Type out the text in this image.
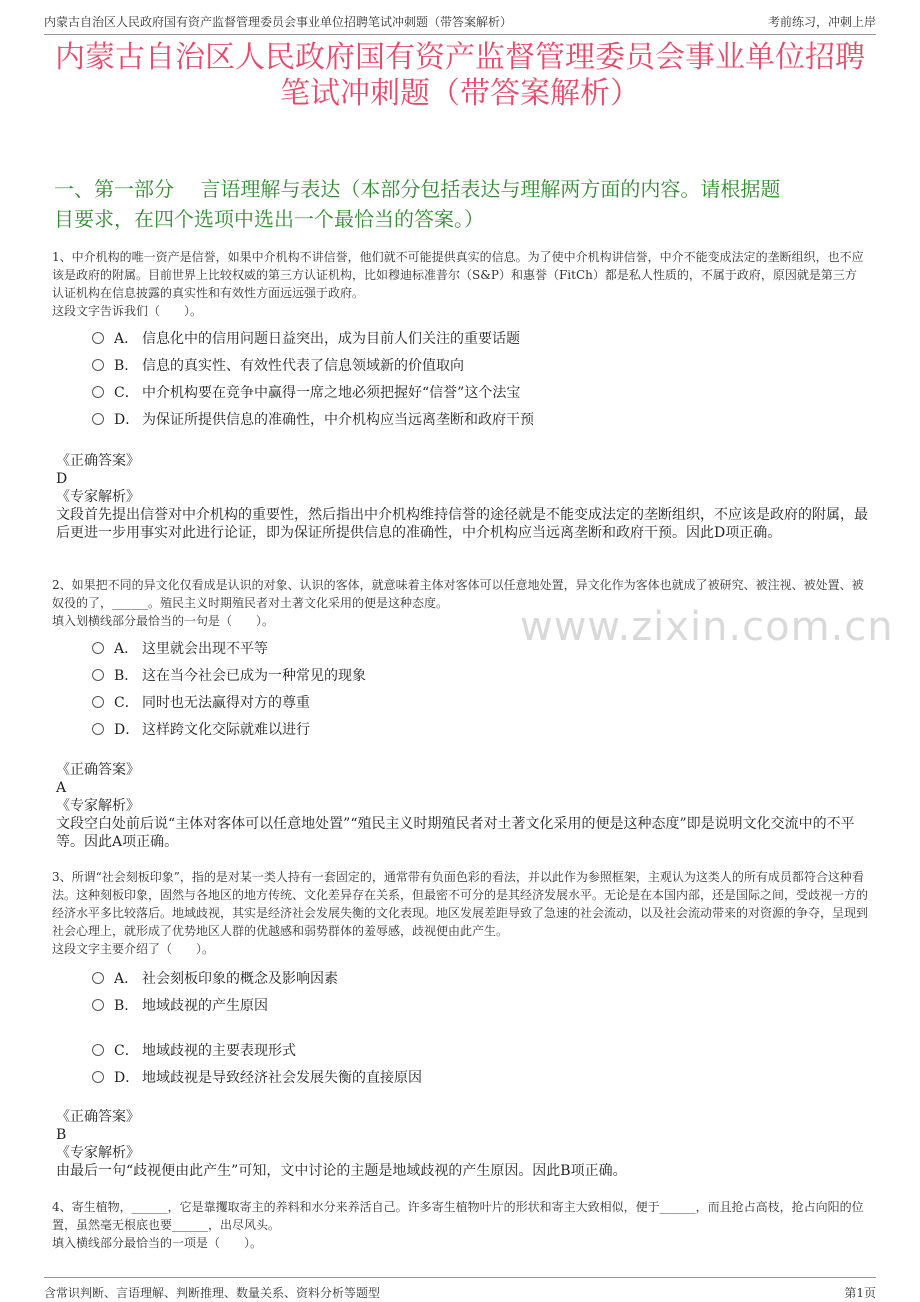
内蒙古自治区人民政府国有资产监督管理委员会事业单位招聘笔试冲刺题（带答案解析）	考前练习，冲刺上岸
内蒙古自治区人民政府国有资产监督管理委员会事业单位招聘
笔试冲刺题（带答案解析）
一、第一部分　 言语理解与表达（本部分包括表达与理解两方面的内容。请根据题
目要求，在四个选项中选出一个最恰当的答案。）
www.zixin.com.cn

1、中介机构的唯一资产是信誉，如果中介机构不讲信誉，他们就不可能提供真实的信息。为了使中介机构讲信誉，中介不能变成法定的垄断组织，也不应该是政府的附属。目前世界上比较权威的第三方认证机构，比如穆迪标准普尔（S&P）和惠誉（FitCh）都是私人性质的，不属于政府，原因就是第三方认证机构在信息披露的真实性和有效性方面远远强于政府。

这段文字告诉我们（　　）。

A． 信息化中的信用问题日益突出，成为目前人们关注的重要话题
B． 信息的真实性、有效性代表了信息领域新的价值取向
C． 中介机构要在竞争中赢得一席之地必须把握好“信誉”这个法宝
D． 为保证所提供信息的准确性，中介机构应当远离垄断和政府干预

《正确答案》

D

《专家解析》

文段首先提出信誉对中介机构的重要性，然后指出中介机构维持信誉的途径就是不能变成法定的垄断组织，不应该是政府的附属，最后更进一步用事实对此进行论证，即为保证所提供信息的准确性，中介机构应当远离垄断和政府干预。因此D项正确。

2、如果把不同的异文化仅看成是认识的对象、认识的客体，就意味着主体对客体可以任意地处置，异文化作为客体也就成了被研究、被注视、被处置、被奴役的了，______。殖民主义时期殖民者对土著文化采用的便是这种态度。

填入划横线部分最恰当的一句是（　　）。

A． 这里就会出现不平等
B． 这在当今社会已成为一种常见的现象
C． 同时也无法赢得对方的尊重
D． 这样跨文化交际就难以进行

《正确答案》

A

《专家解析》

文段空白处前后说“主体对客体可以任意地处置”“殖民主义时期殖民者对土著文化采用的便是这种态度”即是说明文化交流中的不平等。因此A项正确。

3、所谓“社会刻板印象”，指的是对某一类人持有一套固定的，通常带有负面色彩的看法，并以此作为参照框架，主观认为这类人的所有成员都符合这种看法。这种刻板印象，固然与各地区的地方传统、文化差异存在关系，但最密不可分的是其经济发展水平。无论是在本国内部，还是国际之间，受歧视一方的经济水平多比较落后。地域歧视，其实是经济社会发展失衡的文化表现。地区发展差距导致了急速的社会流动，以及社会流动带来的对资源的争夺，呈现到社会心理上，就形成了优势地区人群的优越感和弱势群体的羞辱感，歧视便由此产生。

这段文字主要介绍了（　　）。

A． 社会刻板印象的概念及影响因素
B． 地域歧视的产生原因
C． 地域歧视的主要表现形式
D． 地域歧视是导致经济社会发展失衡的直接原因

《正确答案》

B

《专家解析》

由最后一句“歧视便由此产生”可知，文中讨论的主题是地域歧视的产生原因。因此B项正确。

4、寄生植物，______，它是靠攫取寄主的养料和水分来养活自己。许多寄生植物叶片的形状和寄主大致相似，便于______，而且抢占高枝，抢占向阳的位置，虽然毫无根底也要______，出尽风头。

填入横线部分最恰当的一项是（　　）。

含常识判断、言语理解、判断推理、数量关系、资料分析等题型	第1页
